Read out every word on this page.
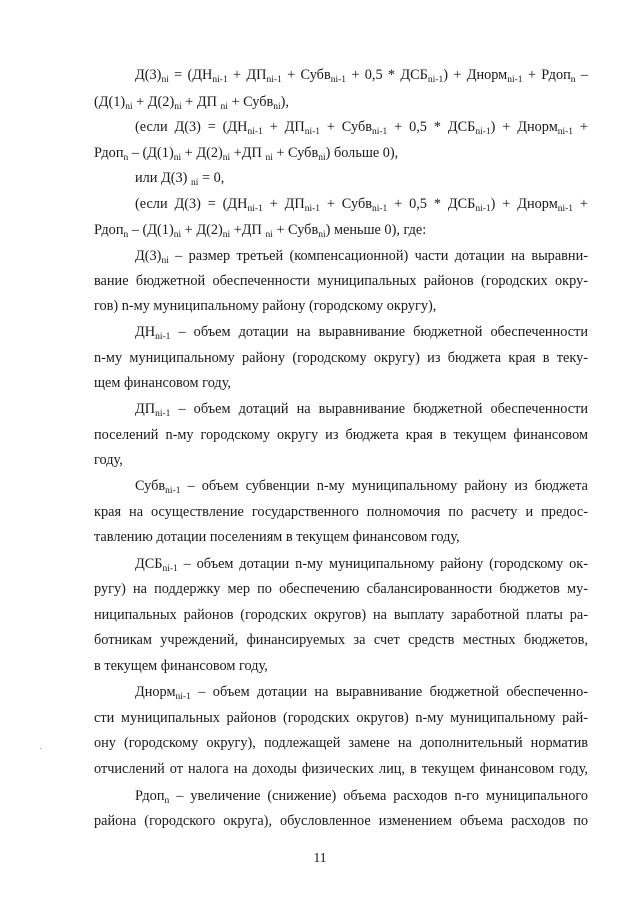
$Д(3)_{ni} = (ДН_{ni-1} + ДП_{ni-1}$ + Субв$_{ni-1}$ + $0,5 * ДСБ_{ni-1}$) + Днорм$_{ni-1}$ + Рдоп$_n$ –
($Д(1)_{ni} + Д(2)_{ni}$ + ДП $_{ni}$ + Субв$_{ni}$),
(если $Д(3) = (ДН_{ni-1} + ДП_{ni-1}$ + Субв$_{ni-1}$ + $0,5 * ДСБ_{ni-1}$) + Днорм$_{ni-1}$ +
Рдоп$_n$ – ($Д(1)_{ni} + Д(2)_{ni} +ДП$ $_{ni}$ + Субв$_{ni}$) больше 0),
или Д(3) $_{ni}$ = 0,
(если $Д(3) = (ДН_{ni-1} + ДП_{ni-1}$ + Субв$_{ni-1}$ + $0,5 * ДСБ_{ni-1}$) + Днорм$_{ni-1}$ +
Рдоп$_n$ – ($Д(1)_{ni} + Д(2)_{ni} +ДП$ $_{ni}$ + Субв$_{ni}$) меньше 0), где:
$Д(3)_{ni}$ – размер третьей (компенсационной) части дотации на выравни-
вание бюджетной обеспеченности муниципальных районов (городских окру-
гов) n-му муниципальному району (городскому округу),
$ДН_{ni-1}$ – объем дотации на выравнивание бюджетной обеспеченности
n-му муниципальному району (городскому округу) из бюджета края в теку-
щем финансовом году,
$ДП_{ni-1}$ – объем дотаций на выравнивание бюджетной обеспеченности
поселений n-му городскому округу из бюджета края в текущем финансовом
году,
Субв$_{ni-1}$ – объем субвенции n-му муниципальному району из бюджета
края на осуществление государственного полномочия по расчету и предос-
тавлению дотации поселениям в текущем финансовом году,
$ДСБ_{ni-1}$ – объем дотации n-му муниципальному району (городскому ок-
ругу) на поддержку мер по обеспечению сбалансированности бюджетов му-
ниципальных районов (городских округов) на выплату заработной платы ра-
ботникам учреждений, финансируемых за счет средств местных бюджетов,
в текущем финансовом году,
Днорм$_{ni-1}$ – объем дотации на выравнивание бюджетной обеспеченно-
сти муниципальных районов (городских округов) n-му муниципальному рай-
ону (городскому округу), подлежащей замене на дополнительный норматив
отчислений от налога на доходы физических лиц, в текущем финансовом году,
Рдоп$_n$ – увеличение (снижение) объема расходов n-го муниципального
района (городского округа), обусловленное изменением объема расходов по
11
